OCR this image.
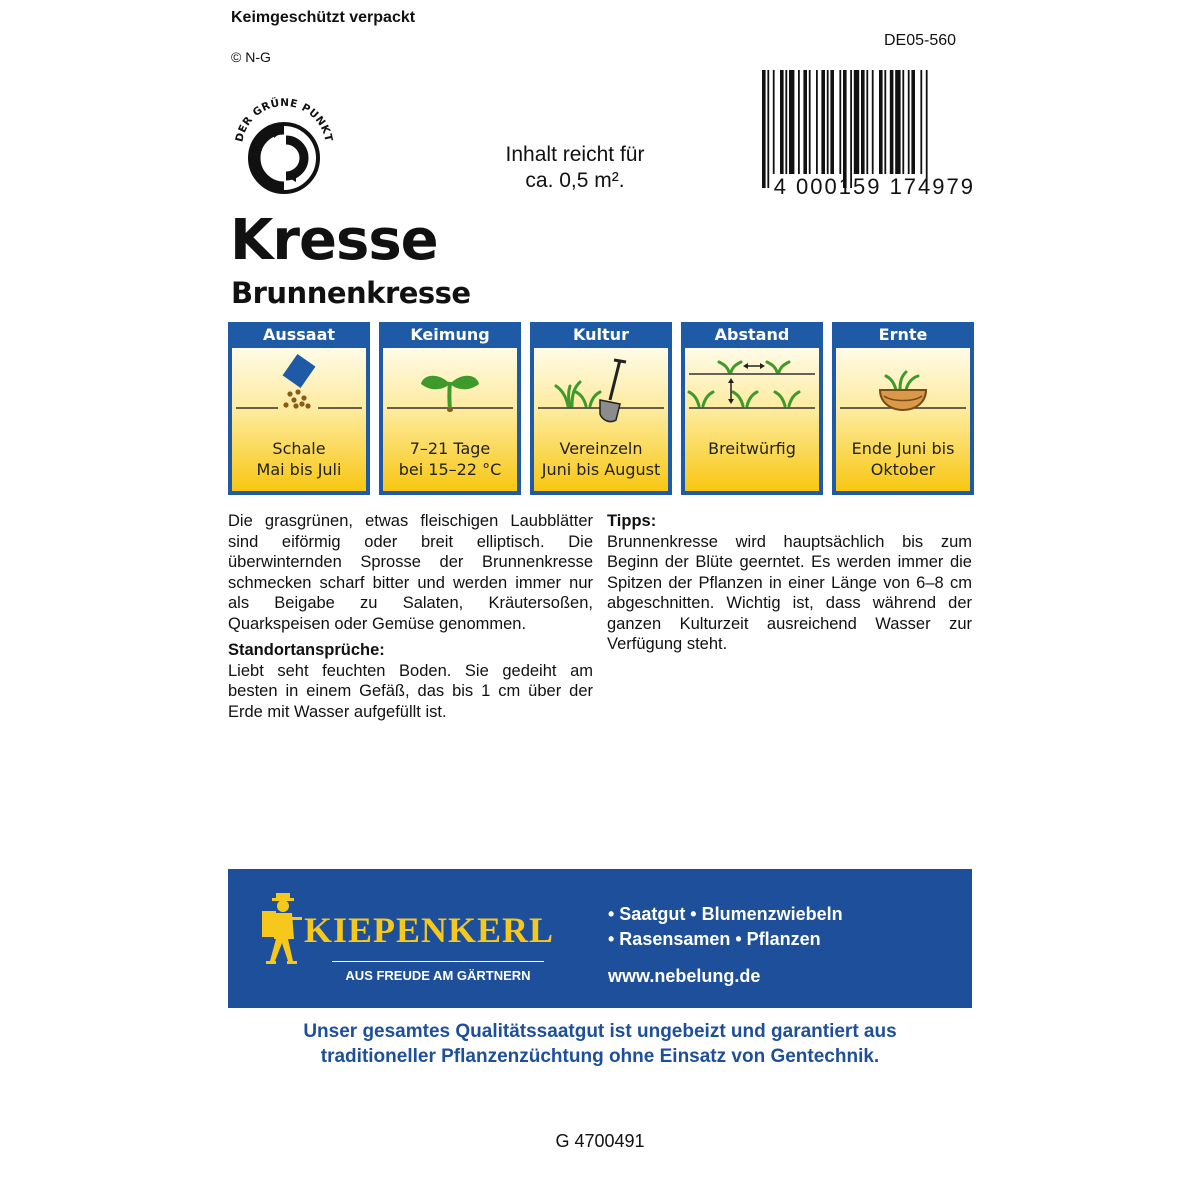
Keimgeschützt verpackt
© N-G
DE05-560
DER GRÜNE PUNKT
Inhalt reicht für
ca. 0,5 m².	4 000159 174979
Kresse
Brunnenkresse
Aussaat
Schale
Mai bis Juli
Keimung
7–21 Tage
bei 15–22 °C
Kultur
Vereinzeln
Juni bis August
Abstand
Breitwürfig
Ernte
Ende Juni bis
Oktober
Die grasgrünen, etwas fleischigen Laubblätter sind eiförmig oder breit elliptisch. Die überwinternden Sprosse der Brunnenkresse schmecken scharf bitter und werden immer nur als Beigabe zu Salaten, Kräutersoßen, Quarkspeisen oder Gemüse genommen.
Standortansprüche:
Liebt seht feuchten Boden. Sie gedeiht am besten in einem Gefäß, das bis 1 cm über der Erde mit Wasser aufgefüllt ist.
Tipps:
Brunnenkresse wird hauptsächlich bis zum Beginn der Blüte geerntet. Es werden immer die Spitzen der Pflanzen in einer Länge von 6–8 cm abgeschnitten. Wichtig ist, dass während der ganzen Kulturzeit ausreichend Wasser zur Verfügung steht.
KIEPENKERL
AUS FREUDE AM GÄRTNERN
• Saatgut • Blumenzwiebeln
• Rasensamen • Pflanzen
www.nebelung.de
Unser gesamtes Qualitätssaatgut ist ungebeizt und garantiert aus
traditioneller Pflanzenzüchtung ohne Einsatz von Gentechnik.
G 4700491
